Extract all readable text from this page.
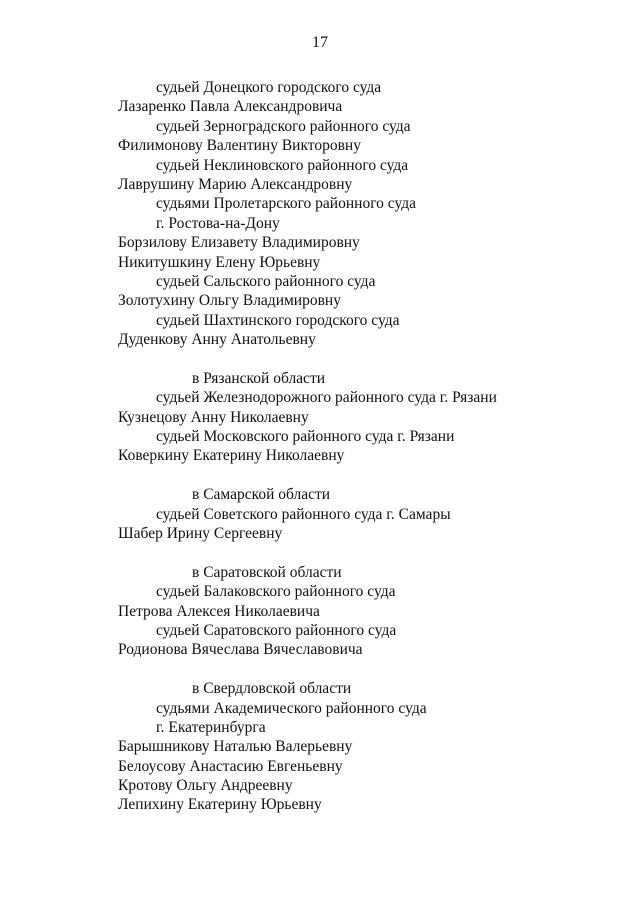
17
судьей Донецкого городского суда
Лазаренко Павла Александровича
судьей Зерноградского районного суда
Филимонову Валентину Викторовну
судьей Неклиновского районного суда
Лаврушину Марию Александровну
судьями Пролетарского районного суда
г. Ростова-на-Дону
Борзилову Елизавету Владимировну
Никитушкину Елену Юрьевну
судьей Сальского районного суда
Золотухину Ольгу Владимировну
судьей Шахтинского городского суда
Дуденкову Анну Анатольевну
в Рязанской области
судьей Железнодорожного районного суда г. Рязани
Кузнецову Анну Николаевну
судьей Московского районного суда г. Рязани
Коверкину Екатерину Николаевну
в Самарской области
судьей Советского районного суда г. Самары
Шабер Ирину Сергеевну
в Саратовской области
судьей Балаковского районного суда
Петрова Алексея Николаевича
судьей Саратовского районного суда
Родионова Вячеслава Вячеславовича
в Свердловской области
судьями Академического районного суда
г. Екатеринбурга
Барышникову Наталью Валерьевну
Белоусову Анастасию Евгеньевну
Кротову Ольгу Андреевну
Лепихину Екатерину Юрьевну
